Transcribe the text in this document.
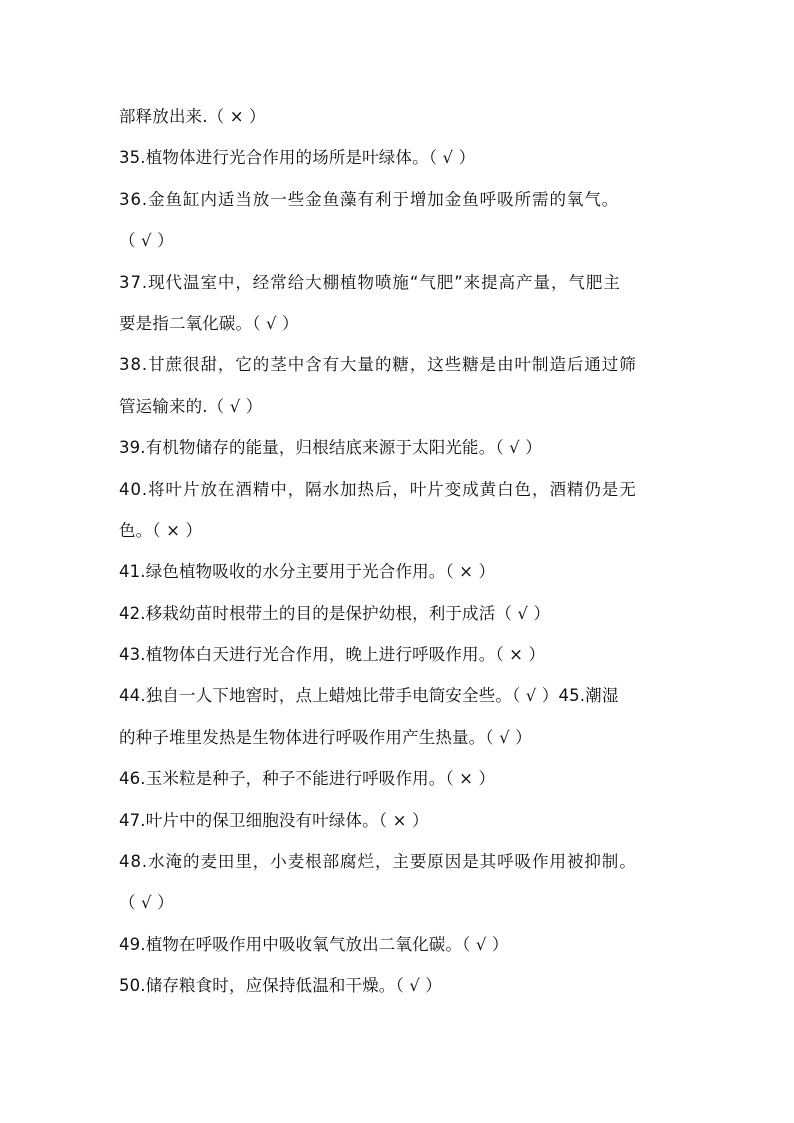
部释放出来.（ × ）
35.植物体进行光合作用的场所是叶绿体。（ √ ）
36.金鱼缸内适当放一些金鱼藻有利于增加金鱼呼吸所需的氧气。
（ √ ）
37.现代温室中，经常给大棚植物喷施“气肥”来提高产量，气肥主
要是指二氧化碳。（ √ ）
38.甘蔗很甜，它的茎中含有大量的糖，这些糖是由叶制造后通过筛
管运输来的.（ √ ）
39.有机物储存的能量，归根结底来源于太阳光能。（ √ ）
40.将叶片放在酒精中，隔水加热后，叶片变成黄白色，酒精仍是无
色。（ × ）
41.绿色植物吸收的水分主要用于光合作用。（ × ）
42.移栽幼苗时根带土的目的是保护幼根，利于成活（ √ ）
43.植物体白天进行光合作用，晚上进行呼吸作用。（ × ）
44.独自一人下地窖时，点上蜡烛比带手电筒安全些。（ √ ）45.潮湿
的种子堆里发热是生物体进行呼吸作用产生热量。（ √ ）
46.玉米粒是种子，种子不能进行呼吸作用。（ × ）
47.叶片中的保卫细胞没有叶绿体。（ × ）
48.水淹的麦田里，小麦根部腐烂，主要原因是其呼吸作用被抑制。
（ √ ）
49.植物在呼吸作用中吸收氧气放出二氧化碳。（ √ ）
50.储存粮食时，应保持低温和干燥。（ √ ）
